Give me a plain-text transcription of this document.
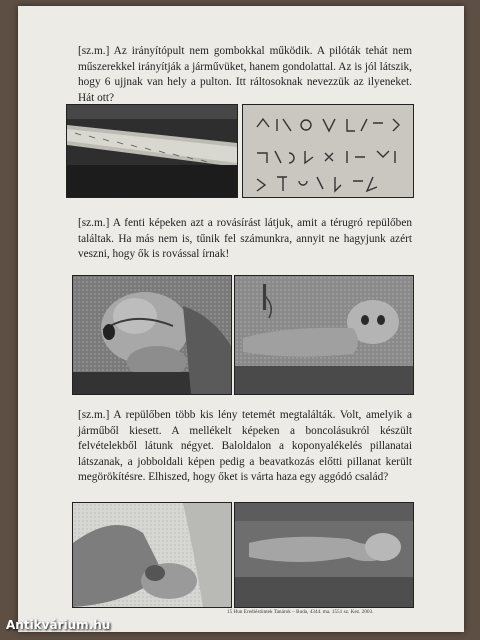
[sz.m.] Az irányítópult nem gombokkal működik. A pilóták tehát nem műszerekkel irányítják a járművüket, hanem gondolattal. Az is jól látszik, hogy 6 ujjnak van hely a pulton. Itt ráltosoknak nevezzük az ilyeneket. Hát ott?

[sz.m.] A fenti képeken azt a rovásírást látjuk, amit a térugró repülőben találtak. Ha más nem is, tűnik fel számunkra, annyit ne hagyjunk azért veszni, hogy ők is rovással írnak!

[sz.m.] A repülőben több kis lény tetemét megtalálták. Volt, amelyik a járműből kiesett. A mellékelt képeken a boncolásukról készült felvételekből látunk négyet. Baloldalon a koponyalékelés pillanatai látszanak, a jobboldali képen pedig a beavatkozás előtti pillanat került megörökítésre. Elhiszed, hogy őket is várta haza egy aggódó család?

15 Hun Erediéstüntek Tanárok – Buda, 4344. ma. 1551 sz. Kez. 2003.
Antikvárium.hu
